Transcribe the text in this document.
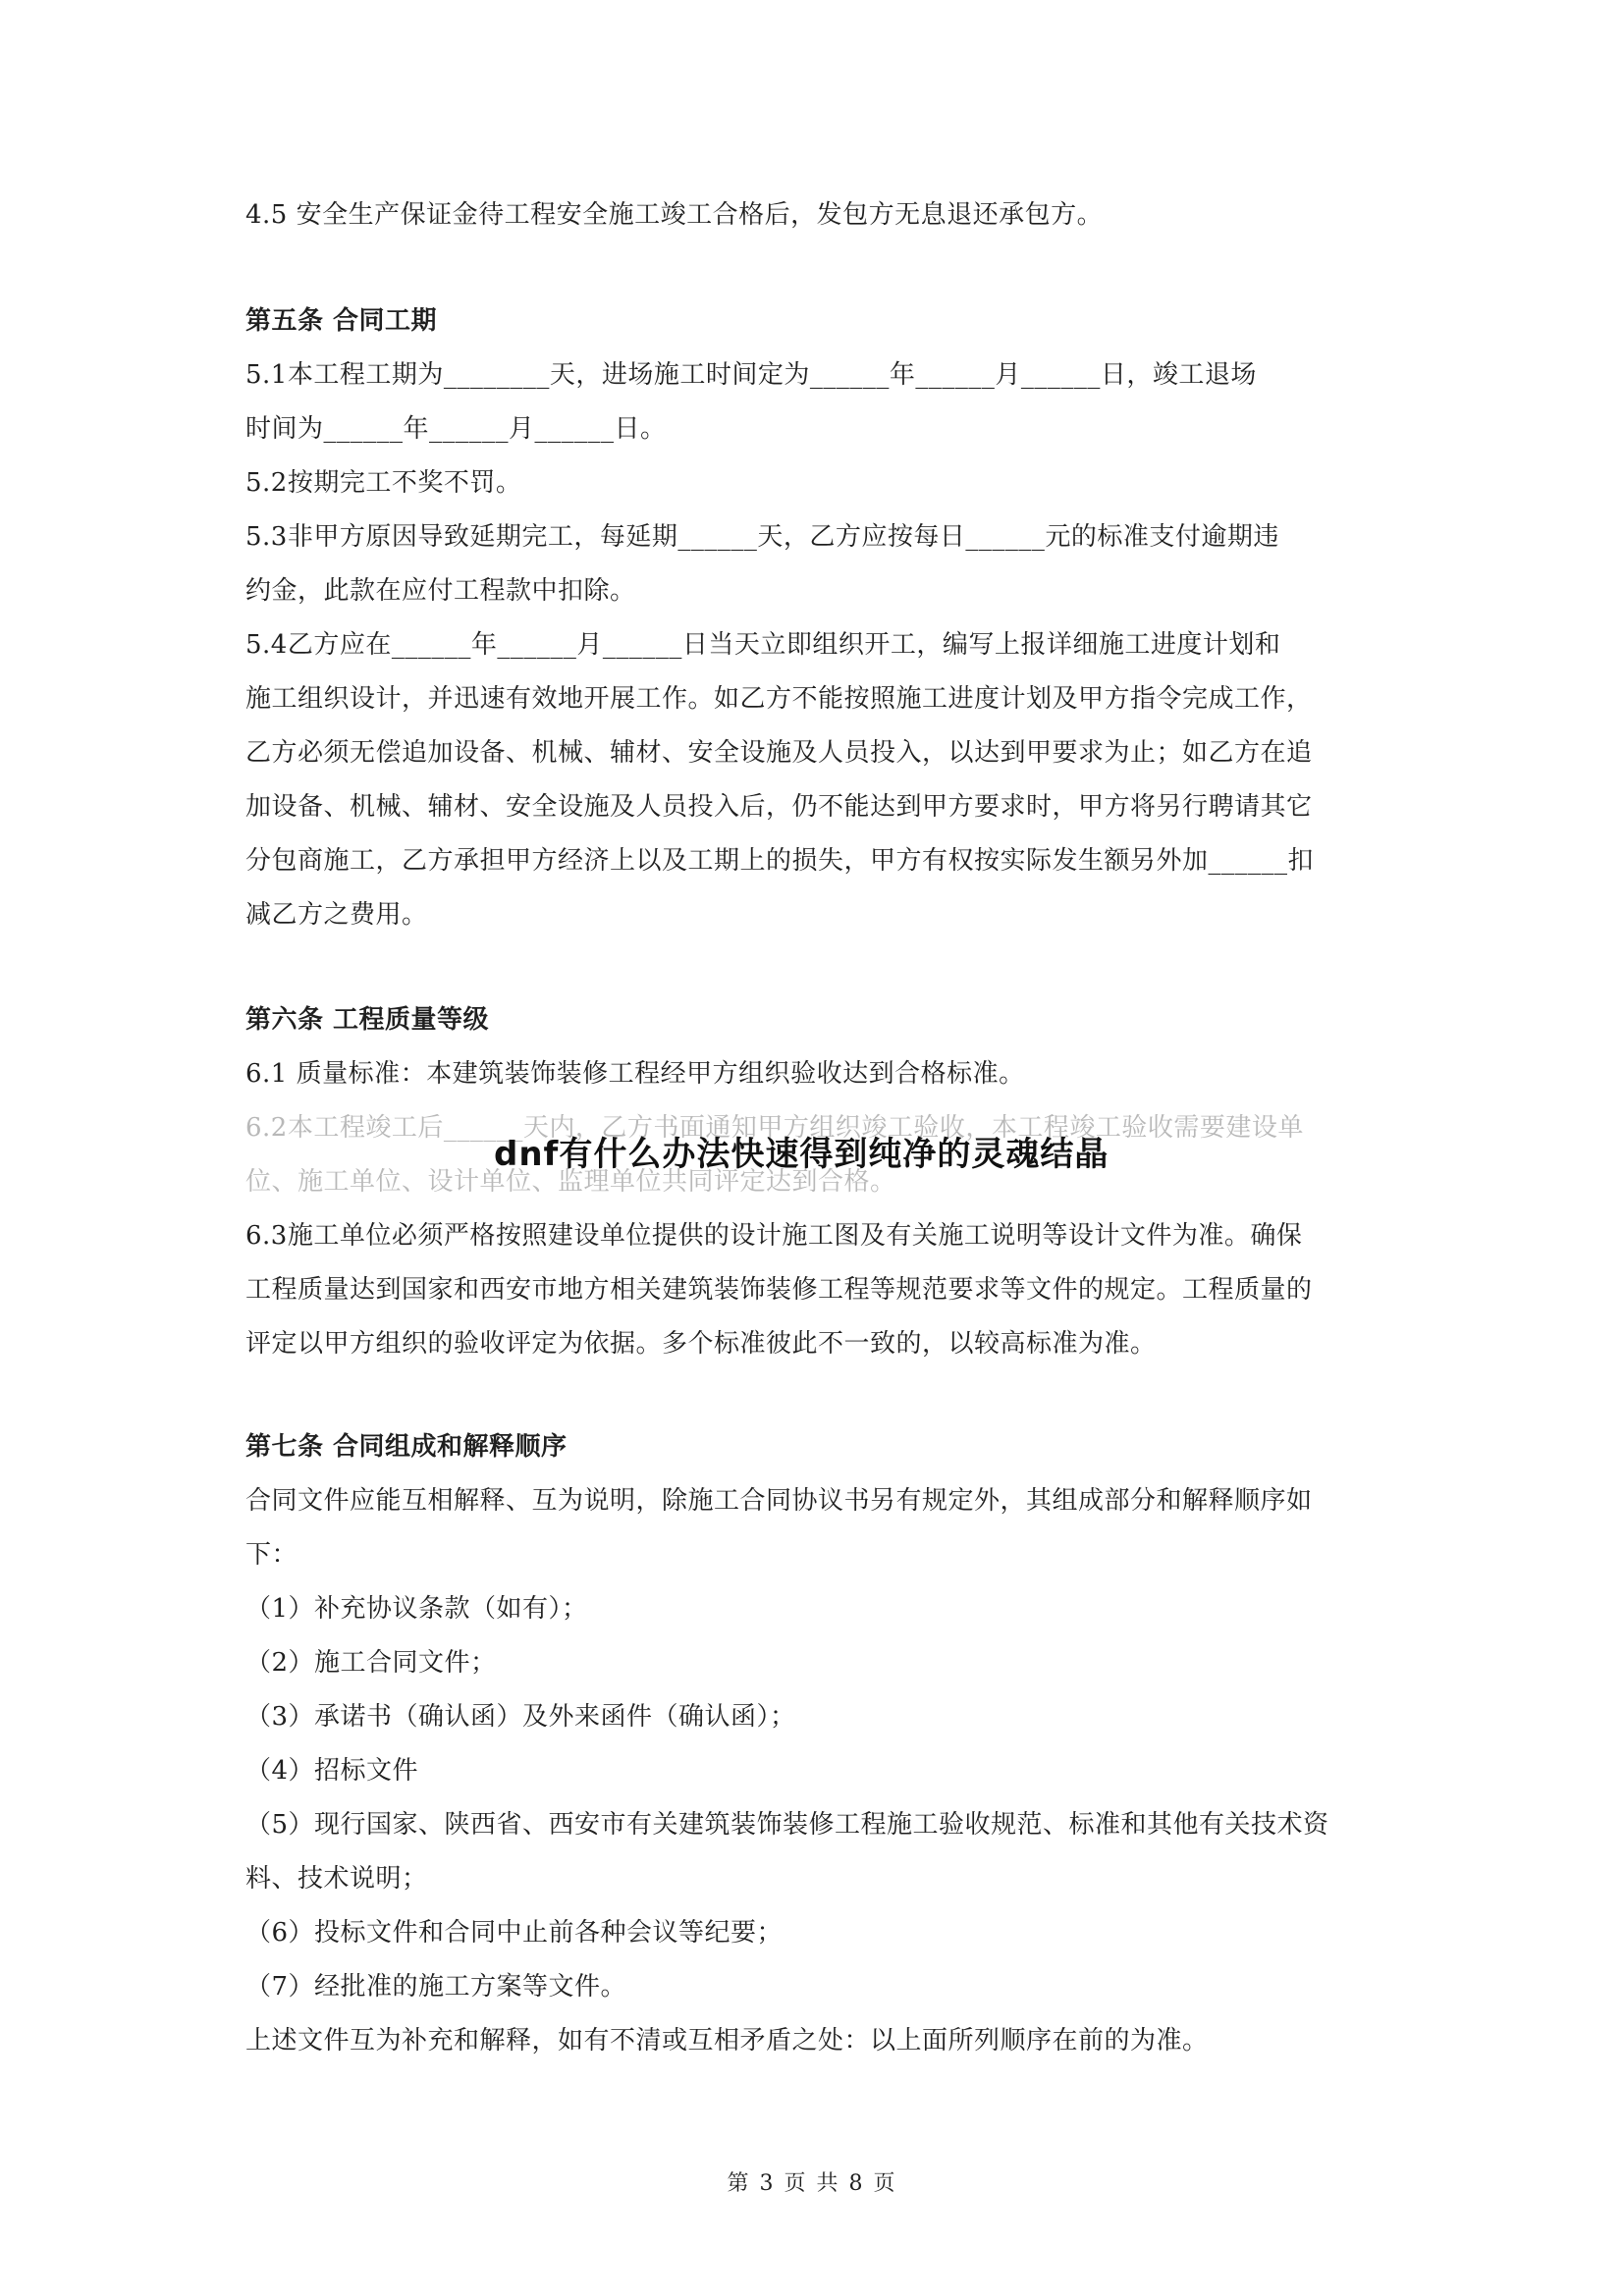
4.5 安全生产保证金待工程安全施工竣工合格后，发包方无息退还承包方。
第五条 合同工期
5.1本工程工期为________天，进场施工时间定为______年______月______日，竣工退场
时间为______年______月______日。
5.2按期完工不奖不罚。
5.3非甲方原因导致延期完工，每延期______天，乙方应按每日______元的标准支付逾期违
约金，此款在应付工程款中扣除。
5.4乙方应在______年______月______日当天立即组织开工，编写上报详细施工进度计划和
施工组织设计，并迅速有效地开展工作。如乙方不能按照施工进度计划及甲方指令完成工作，
乙方必须无偿追加设备、机械、辅材、安全设施及人员投入，以达到甲要求为止；如乙方在追
加设备、机械、辅材、安全设施及人员投入后，仍不能达到甲方要求时，甲方将另行聘请其它
分包商施工，乙方承担甲方经济上以及工期上的损失，甲方有权按实际发生额另外加______扣
减乙方之费用。
第六条 工程质量等级
6.1 质量标准：本建筑装饰装修工程经甲方组织验收达到合格标准。
6.2本工程竣工后______天内，乙方书面通知甲方组织竣工验收，本工程竣工验收需要建设单
位、施工单位、设计单位、监理单位共同评定达到合格。
6.3施工单位必须严格按照建设单位提供的设计施工图及有关施工说明等设计文件为准。确保
工程质量达到国家和西安市地方相关建筑装饰装修工程等规范要求等文件的规定。工程质量的
评定以甲方组织的验收评定为依据。多个标准彼此不一致的，以较高标准为准。
第七条 合同组成和解释顺序
合同文件应能互相解释、互为说明，除施工合同协议书另有规定外，其组成部分和解释顺序如
下：
（1）补充协议条款（如有）；
（2）施工合同文件；
（3）承诺书（确认函）及外来函件（确认函）；
（4）招标文件
（5）现行国家、陕西省、西安市有关建筑装饰装修工程施工验收规范、标准和其他有关技术资
料、技术说明；
（6）投标文件和合同中止前各种会议等纪要；
（7）经批准的施工方案等文件。
上述文件互为补充和解释，如有不清或互相矛盾之处：以上面所列顺序在前的为准。
dnf有什么办法快速得到纯净的灵魂结晶
第 3 页 共 8 页
